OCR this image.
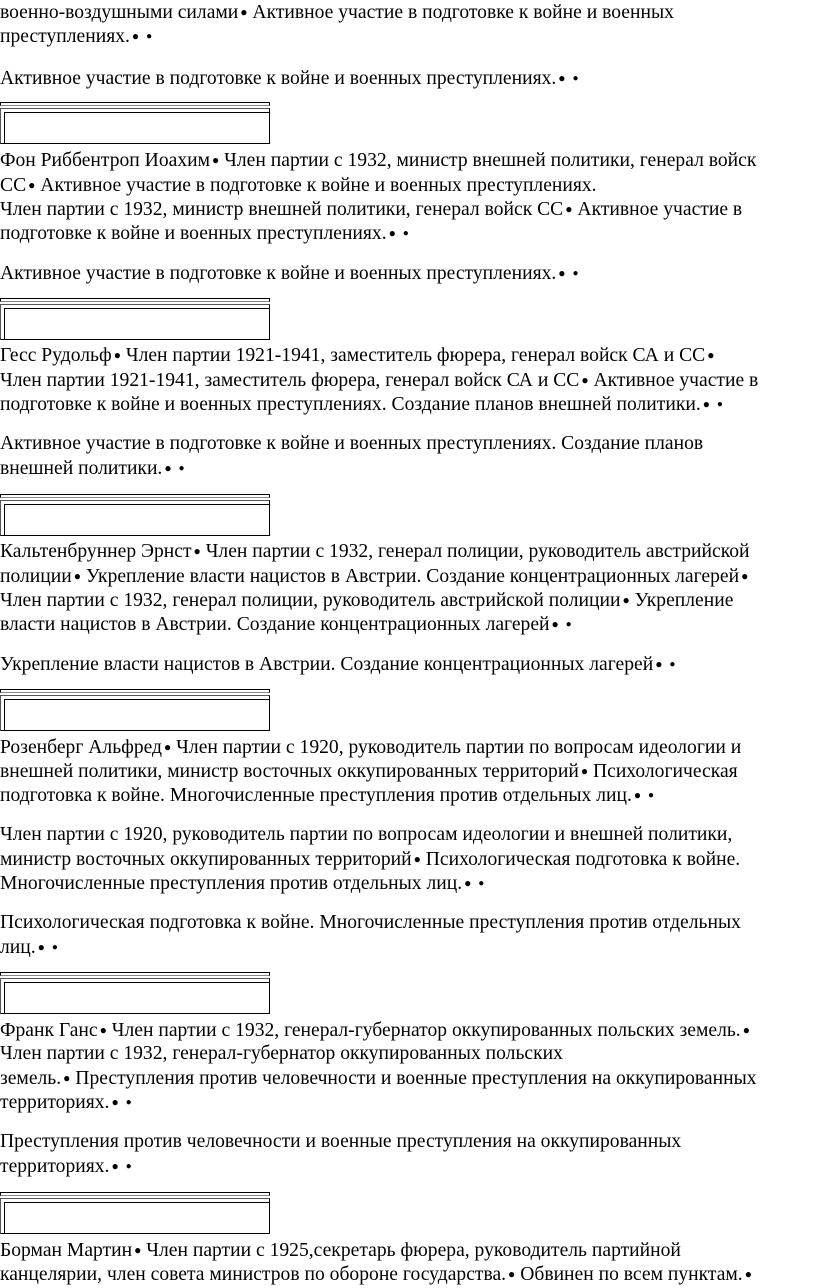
военно-воздушными силами ● Активное участие в подготовке к войне и военных
преступлениях. ● ●
Активное участие в подготовке к войне и военных преступлениях. ● ●
Фон Риббентроп Иоахим ● Член партии с 1932, министр внешней политики, генерал войск
СС ● Активное участие в подготовке к войне и военных преступлениях.
Член партии с 1932, министр внешней политики, генерал войск СС ● Активное участие в
подготовке к войне и военных преступлениях. ● ●
Активное участие в подготовке к войне и военных преступлениях. ● ●
Гесс Рудольф ● Член партии 1921-1941, заместитель фюрера, генерал войск СА и СС ●
Член партии 1921-1941, заместитель фюрера, генерал войск СА и СС ● Активное участие в
подготовке к войне и военных преступлениях. Создание планов внешней политики. ● ●
Активное участие в подготовке к войне и военных преступлениях. Создание планов
внешней политики. ● ●
Кальтенбруннер Эрнст ● Член партии с 1932, генерал полиции, руководитель австрийской
полиции ● Укрепление власти нацистов в Австрии. Создание концентрационных лагерей ●
Член партии с 1932, генерал полиции, руководитель австрийской полиции ● Укрепление
власти нацистов в Австрии. Создание концентрационных лагерей ● ●
Укрепление власти нацистов в Австрии. Создание концентрационных лагерей ● ●
Розенберг Альфред ● Член партии с 1920, руководитель партии по вопросам идеологии и
внешней политики, министр восточных оккупированных территорий ● Психологическая
подготовка к войне. Многочисленные преступления против отдельных лиц. ● ●
Член партии с 1920, руководитель партии по вопросам идеологии и внешней политики,
министр восточных оккупированных территорий ● Психологическая подготовка к войне.
Многочисленные преступления против отдельных лиц. ● ●
Психологическая подготовка к войне. Многочисленные преступления против отдельных
лиц. ● ●
Франк Ганс ● Член партии с 1932, генерал-губернатор оккупированных польских земель. ●
Член партии с 1932, генерал-губернатор оккупированных польских
земель. ● Преступления против человечности и военные преступления на оккупированных
территориях. ● ●
Преступления против человечности и военные преступления на оккупированных
территориях. ● ●
Борман Мартин ● Член партии с 1925,секретарь фюрера, руководитель партийной
канцелярии, член совета министров по обороне государства. ● Обвинен по всем пунктам. ●
